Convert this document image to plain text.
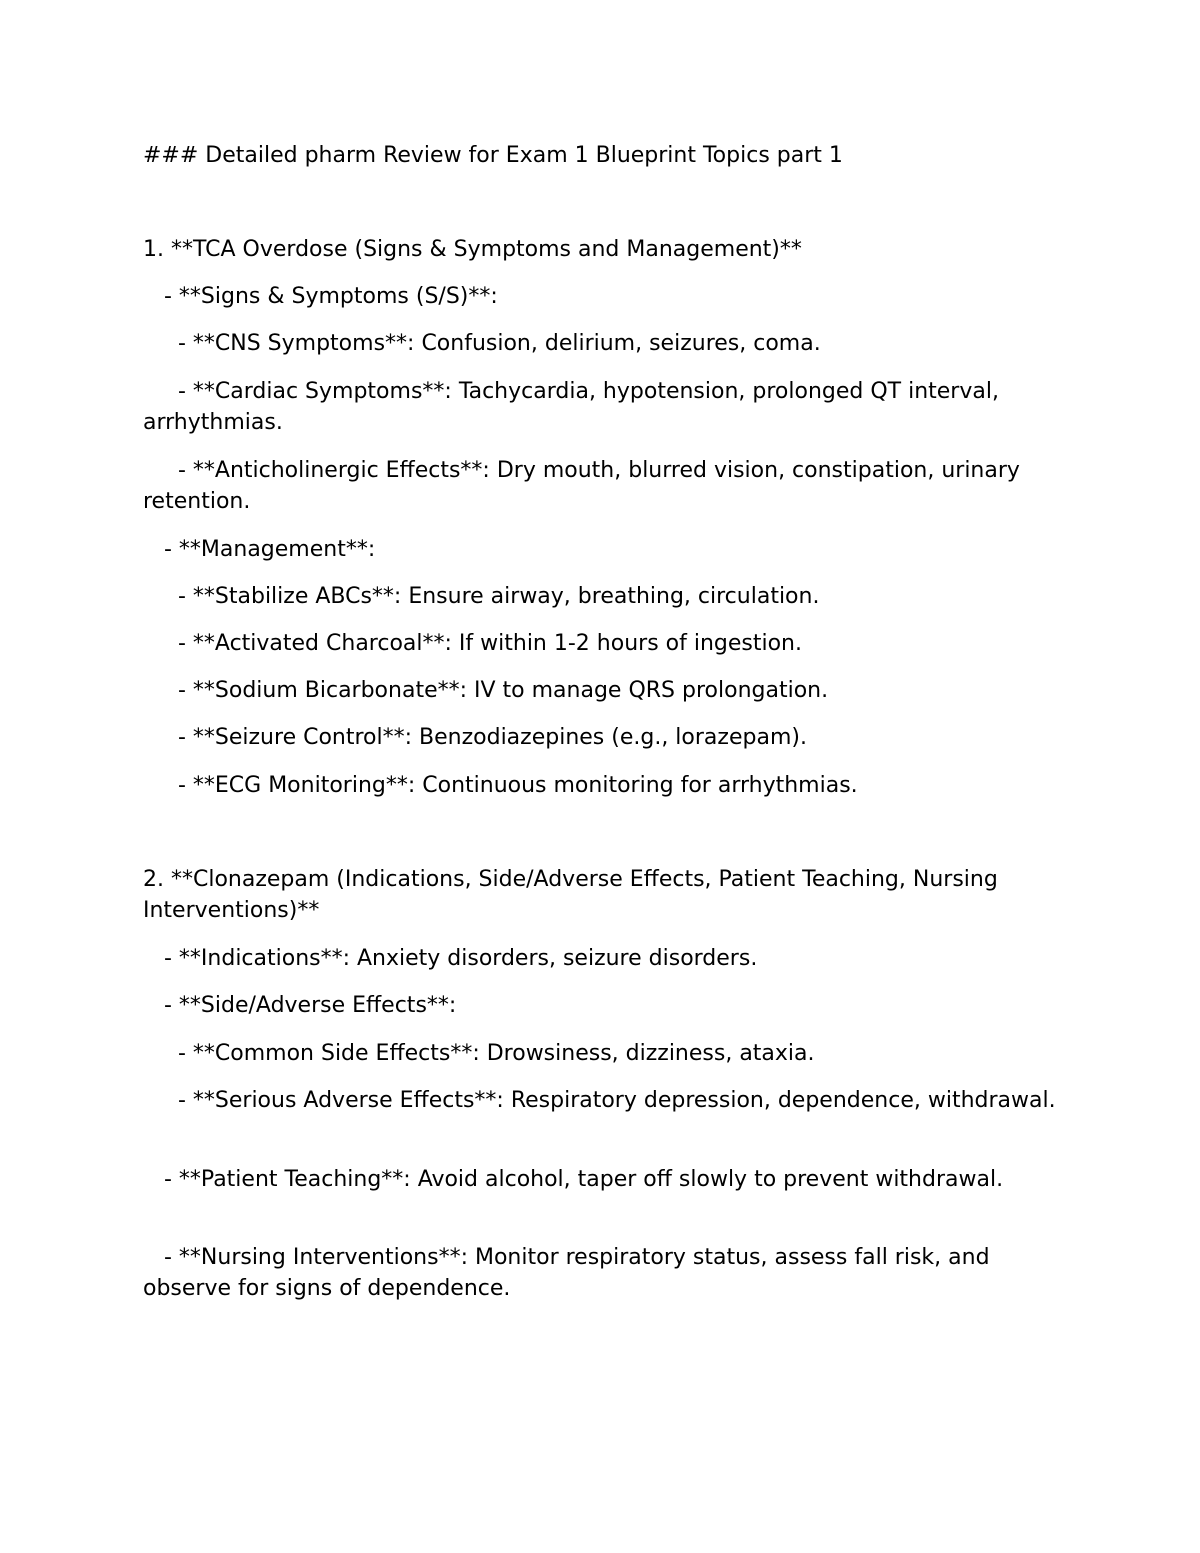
### Detailed pharm Review for Exam 1 Blueprint Topics part 1
1. **TCA Overdose (Signs & Symptoms and Management)**
- **Signs & Symptoms (S/S)**:
- **CNS Symptoms**: Confusion, delirium, seizures, coma.
- **Cardiac Symptoms**: Tachycardia, hypotension, prolonged QT interval, arrhythmias.
- **Anticholinergic Effects**: Dry mouth, blurred vision, constipation, urinary retention.
- **Management**:
- **Stabilize ABCs**: Ensure airway, breathing, circulation.
- **Activated Charcoal**: If within 1-2 hours of ingestion.
- **Sodium Bicarbonate**: IV to manage QRS prolongation.
- **Seizure Control**: Benzodiazepines (e.g., lorazepam).
- **ECG Monitoring**: Continuous monitoring for arrhythmias.
2. **Clonazepam (Indications, Side/Adverse Effects, Patient Teaching, Nursing Interventions)**
- **Indications**: Anxiety disorders, seizure disorders.
- **Side/Adverse Effects**:
- **Common Side Effects**: Drowsiness, dizziness, ataxia.
- **Serious Adverse Effects**: Respiratory depression, dependence, withdrawal.
- **Patient Teaching**: Avoid alcohol, taper off slowly to prevent withdrawal.
- **Nursing Interventions**: Monitor respiratory status, assess fall risk, and observe for signs of dependence.
